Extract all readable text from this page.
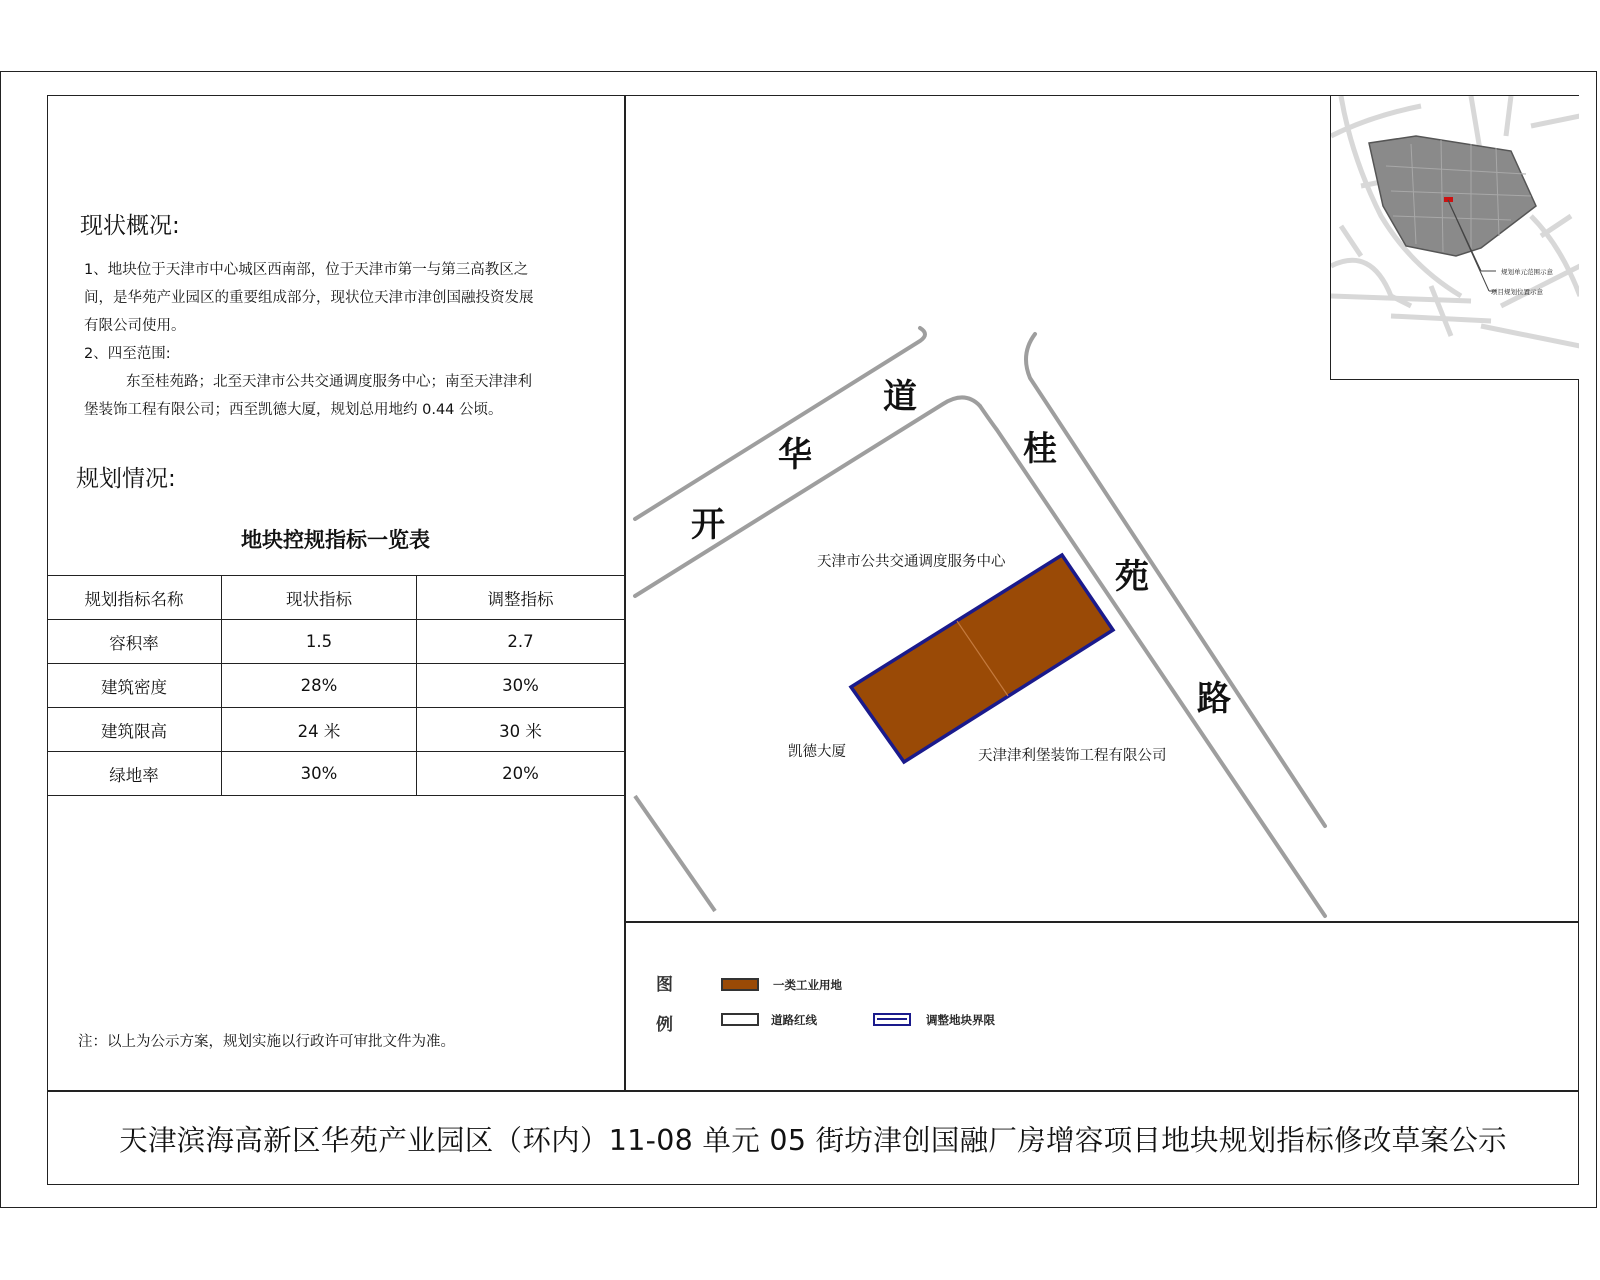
现状概况:

1、地块位于天津市中心城区西南部，位于天津市第一与第三高教区之

间，是华苑产业园区的重要组成部分，现状位天津市津创国融投资发展

有限公司使用。

2、四至范围:

东至桂苑路；北至天津市公共交通调度服务中心；南至天津津利

堡装饰工程有限公司；西至凯德大厦，规划总用地约 0.44 公顷。

规划情况:
地块控规指标一览表
规划指标名称	现状指标	调整指标
容积率	1.5	2.7
建筑密度	28%	30%
建筑限高	24 米	30 米
绿地率	30%	20%
注：以上为公示方案，规划实施以行政许可审批文件为准。
开
华
道
桂
苑
路
天津市公共交通调度服务中心
凯德大厦	天津津利堡装饰工程有限公司
规划单元范围示意
项目规划位置示意
图
例
一类工业用地
道路红线	调整地块界限
天津滨海高新区华苑产业园区（环内）11-08 单元 05 街坊津创国融厂房增容项目地块规划指标修改草案公示
